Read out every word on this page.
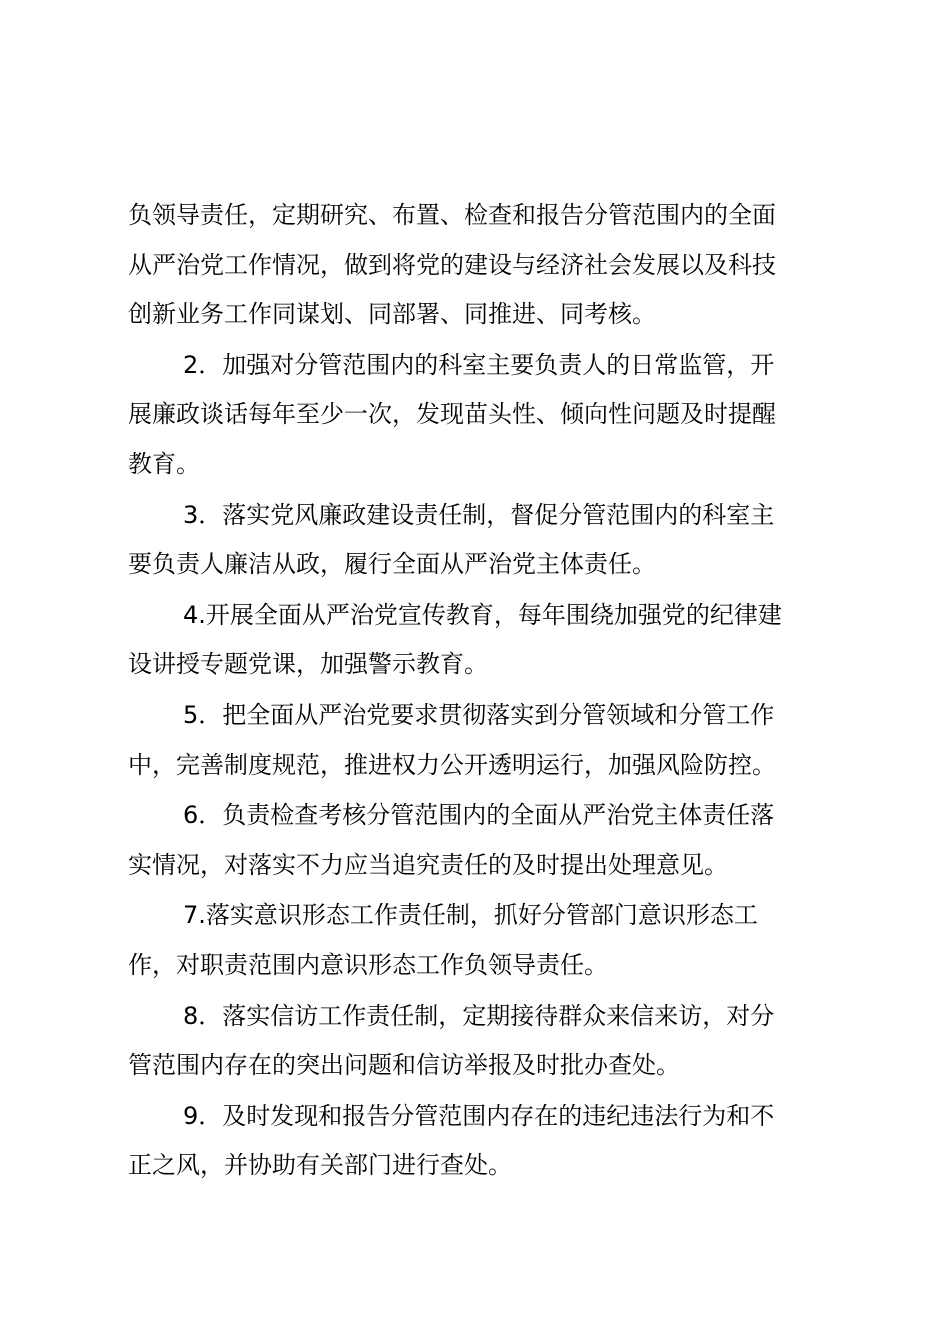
负领导责任，定期研究、布置、检查和报告分管范围内的全面
从严治党工作情况，做到将党的建设与经济社会发展以及科技
创新业务工作同谋划、同部署、同推进、同考核。
2．加强对分管范围内的科室主要负责人的日常监管，开
展廉政谈话每年至少一次，发现苗头性、倾向性问题及时提醒
教育。
3．落实党风廉政建设责任制，督促分管范围内的科室主
要负责人廉洁从政，履行全面从严治党主体责任。
4.开展全面从严治党宣传教育，每年围绕加强党的纪律建
设讲授专题党课，加强警示教育。
5．把全面从严治党要求贯彻落实到分管领域和分管工作
中，完善制度规范，推进权力公开透明运行，加强风险防控。
6．负责检查考核分管范围内的全面从严治党主体责任落
实情况，对落实不力应当追究责任的及时提出处理意见。
7.落实意识形态工作责任制，抓好分管部门意识形态工
作，对职责范围内意识形态工作负领导责任。
8．落实信访工作责任制，定期接待群众来信来访，对分
管范围内存在的突出问题和信访举报及时批办查处。
9．及时发现和报告分管范围内存在的违纪违法行为和不
正之风，并协助有关部门进行查处。
